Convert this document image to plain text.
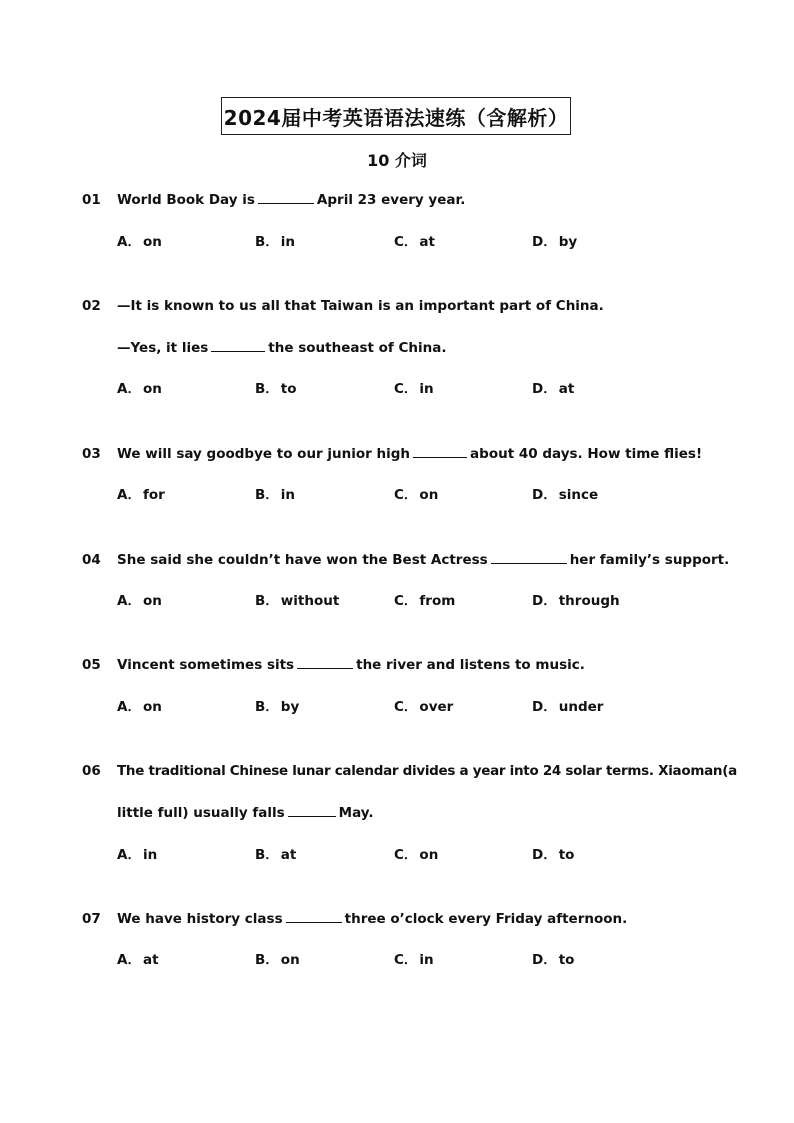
2024届中考英语语法速练（含解析）
10 介词
01 World Book Day is	April 23 every year.
A． on	B． in	C． at	D． by
02 —It is known to us all that Taiwan is an important part of China.
—Yes, it lies	the southeast of China.
A． on	B． to	C． in	D． at
03 We will say goodbye to our junior high	about 40 days. How time flies!
A． for	B． in	C． on	D． since
04 She said she couldn’t have won the Best Actress	her family’s support.
A． on	B． without	C． from	D． through
05 Vincent sometimes sits	the river and listens to music.
A． on	B． by	C． over	D． under
06 The traditional Chinese lunar calendar divides a year into 24 solar terms. Xiaoman(a
little full) usually falls	May.
A． in	B． at	C． on	D． to
07 We have history class	three o’clock every Friday afternoon.
A． at	B． on	C． in	D． to
